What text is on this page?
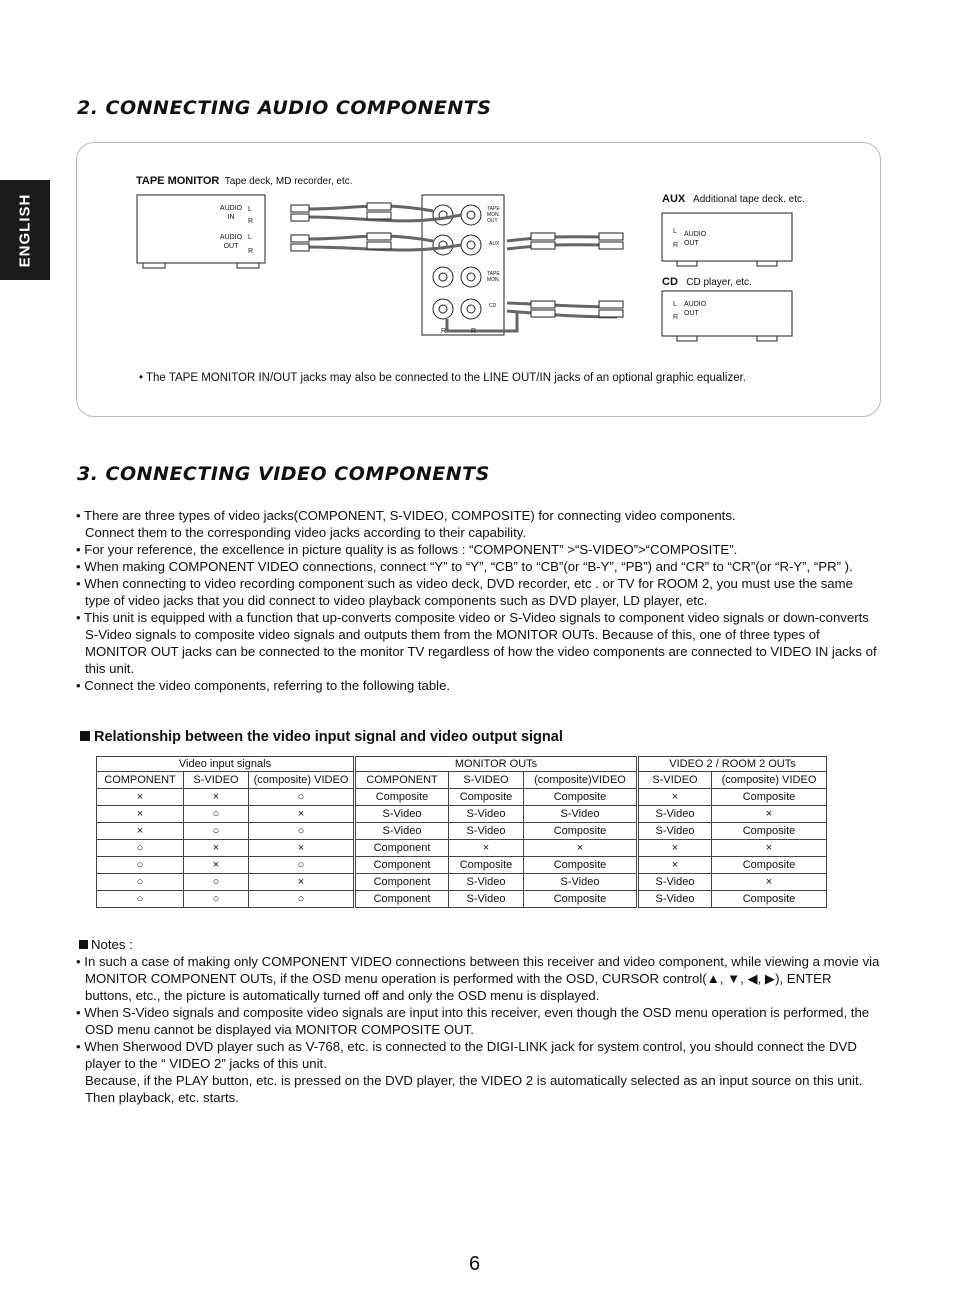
ENGLISH
2. CONNECTING AUDIO COMPONENTS
L
R
L
R
L
R
L
R
R	R
TAPE MONITOR Tape deck, MD recorder, etc.
AUDIO IN
AUDIO OUT
TAPE MON. OUT
AUX
TAPE MON.
CD
AUX Additional tape deck. etc.
AUDIO OUT
CD CD player, etc.
AUDIO OUT
• The TAPE MONITOR IN/OUT jacks may also be connected to the LINE OUT/IN jacks of an optional graphic equalizer.
3. CONNECTING VIDEO COMPONENTS

• There are three types of video jacks(COMPONENT, S-VIDEO, COMPOSITE) for connecting video components.

Connect them to the corresponding video jacks according to their capability.

• For your reference, the excellence in picture quality is as follows : “COMPONENT” >“S-VIDEO”>“COMPOSITE”.

• When making COMPONENT VIDEO connections, connect “Y” to “Y”, “CB” to “CB”(or “B-Y”, “PB”) and “CR” to “CR”(or “R-Y”, “PR” ).

• When connecting to video recording component such as video deck, DVD recorder, etc . or TV for ROOM 2, you must use the same type of video jacks that you did connect to video playback components such as DVD player, LD player, etc.

• This unit is equipped with a function that up-converts composite video or S-Video signals to component video signals or down-converts S-Video signals to composite video signals and outputs them from the MONITOR OUTs. Because of this, one of three types of MONITOR OUT jacks can be connected to the monitor TV regardless of how the video components are connected to VIDEO IN jacks of this unit.

• Connect the video components, referring to the following table.

Relationship between the video input signal and video output signal
Video input signals			MONITOR OUTs			VIDEO 2 / ROOM 2 OUTs	
COMPONENT	S-VIDEO	(composite) VIDEO	COMPONENT	S-VIDEO	(composite)VIDEO	S-VIDEO	(composite) VIDEO
×	×	○	Composite	Composite	Composite	×	Composite
×	○	×	S-Video	S-Video	S-Video	S-Video	×
×	○	○	S-Video	S-Video	Composite	S-Video	Composite
○	×	×	Component	×	×	×	×
○	×	○	Component	Composite	Composite	×	Composite
○	○	×	Component	S-Video	S-Video	S-Video	×
○	○	○	Component	S-Video	Composite	S-Video	Composite

Notes :

• In such a case of making only COMPONENT VIDEO connections between this receiver and video component, while viewing a movie via MONITOR COMPONENT OUTs, if the OSD menu operation is performed with the OSD, CURSOR control(▲, ▼, ◀, ▶), ENTER buttons, etc., the picture is automatically turned off and only the OSD menu is displayed.

• When S-Video signals and composite video signals are input into this receiver, even though the OSD menu operation is performed, the OSD menu cannot be displayed via MONITOR COMPOSITE OUT.

• When Sherwood DVD player such as V-768, etc. is connected to the DIGI-LINK jack for system control, you should connect the DVD player to the “ VIDEO 2” jacks of this unit.

Because, if the PLAY button, etc. is pressed on the DVD player, the VIDEO 2 is automatically selected as an input source on this unit. Then playback, etc. starts.

6
